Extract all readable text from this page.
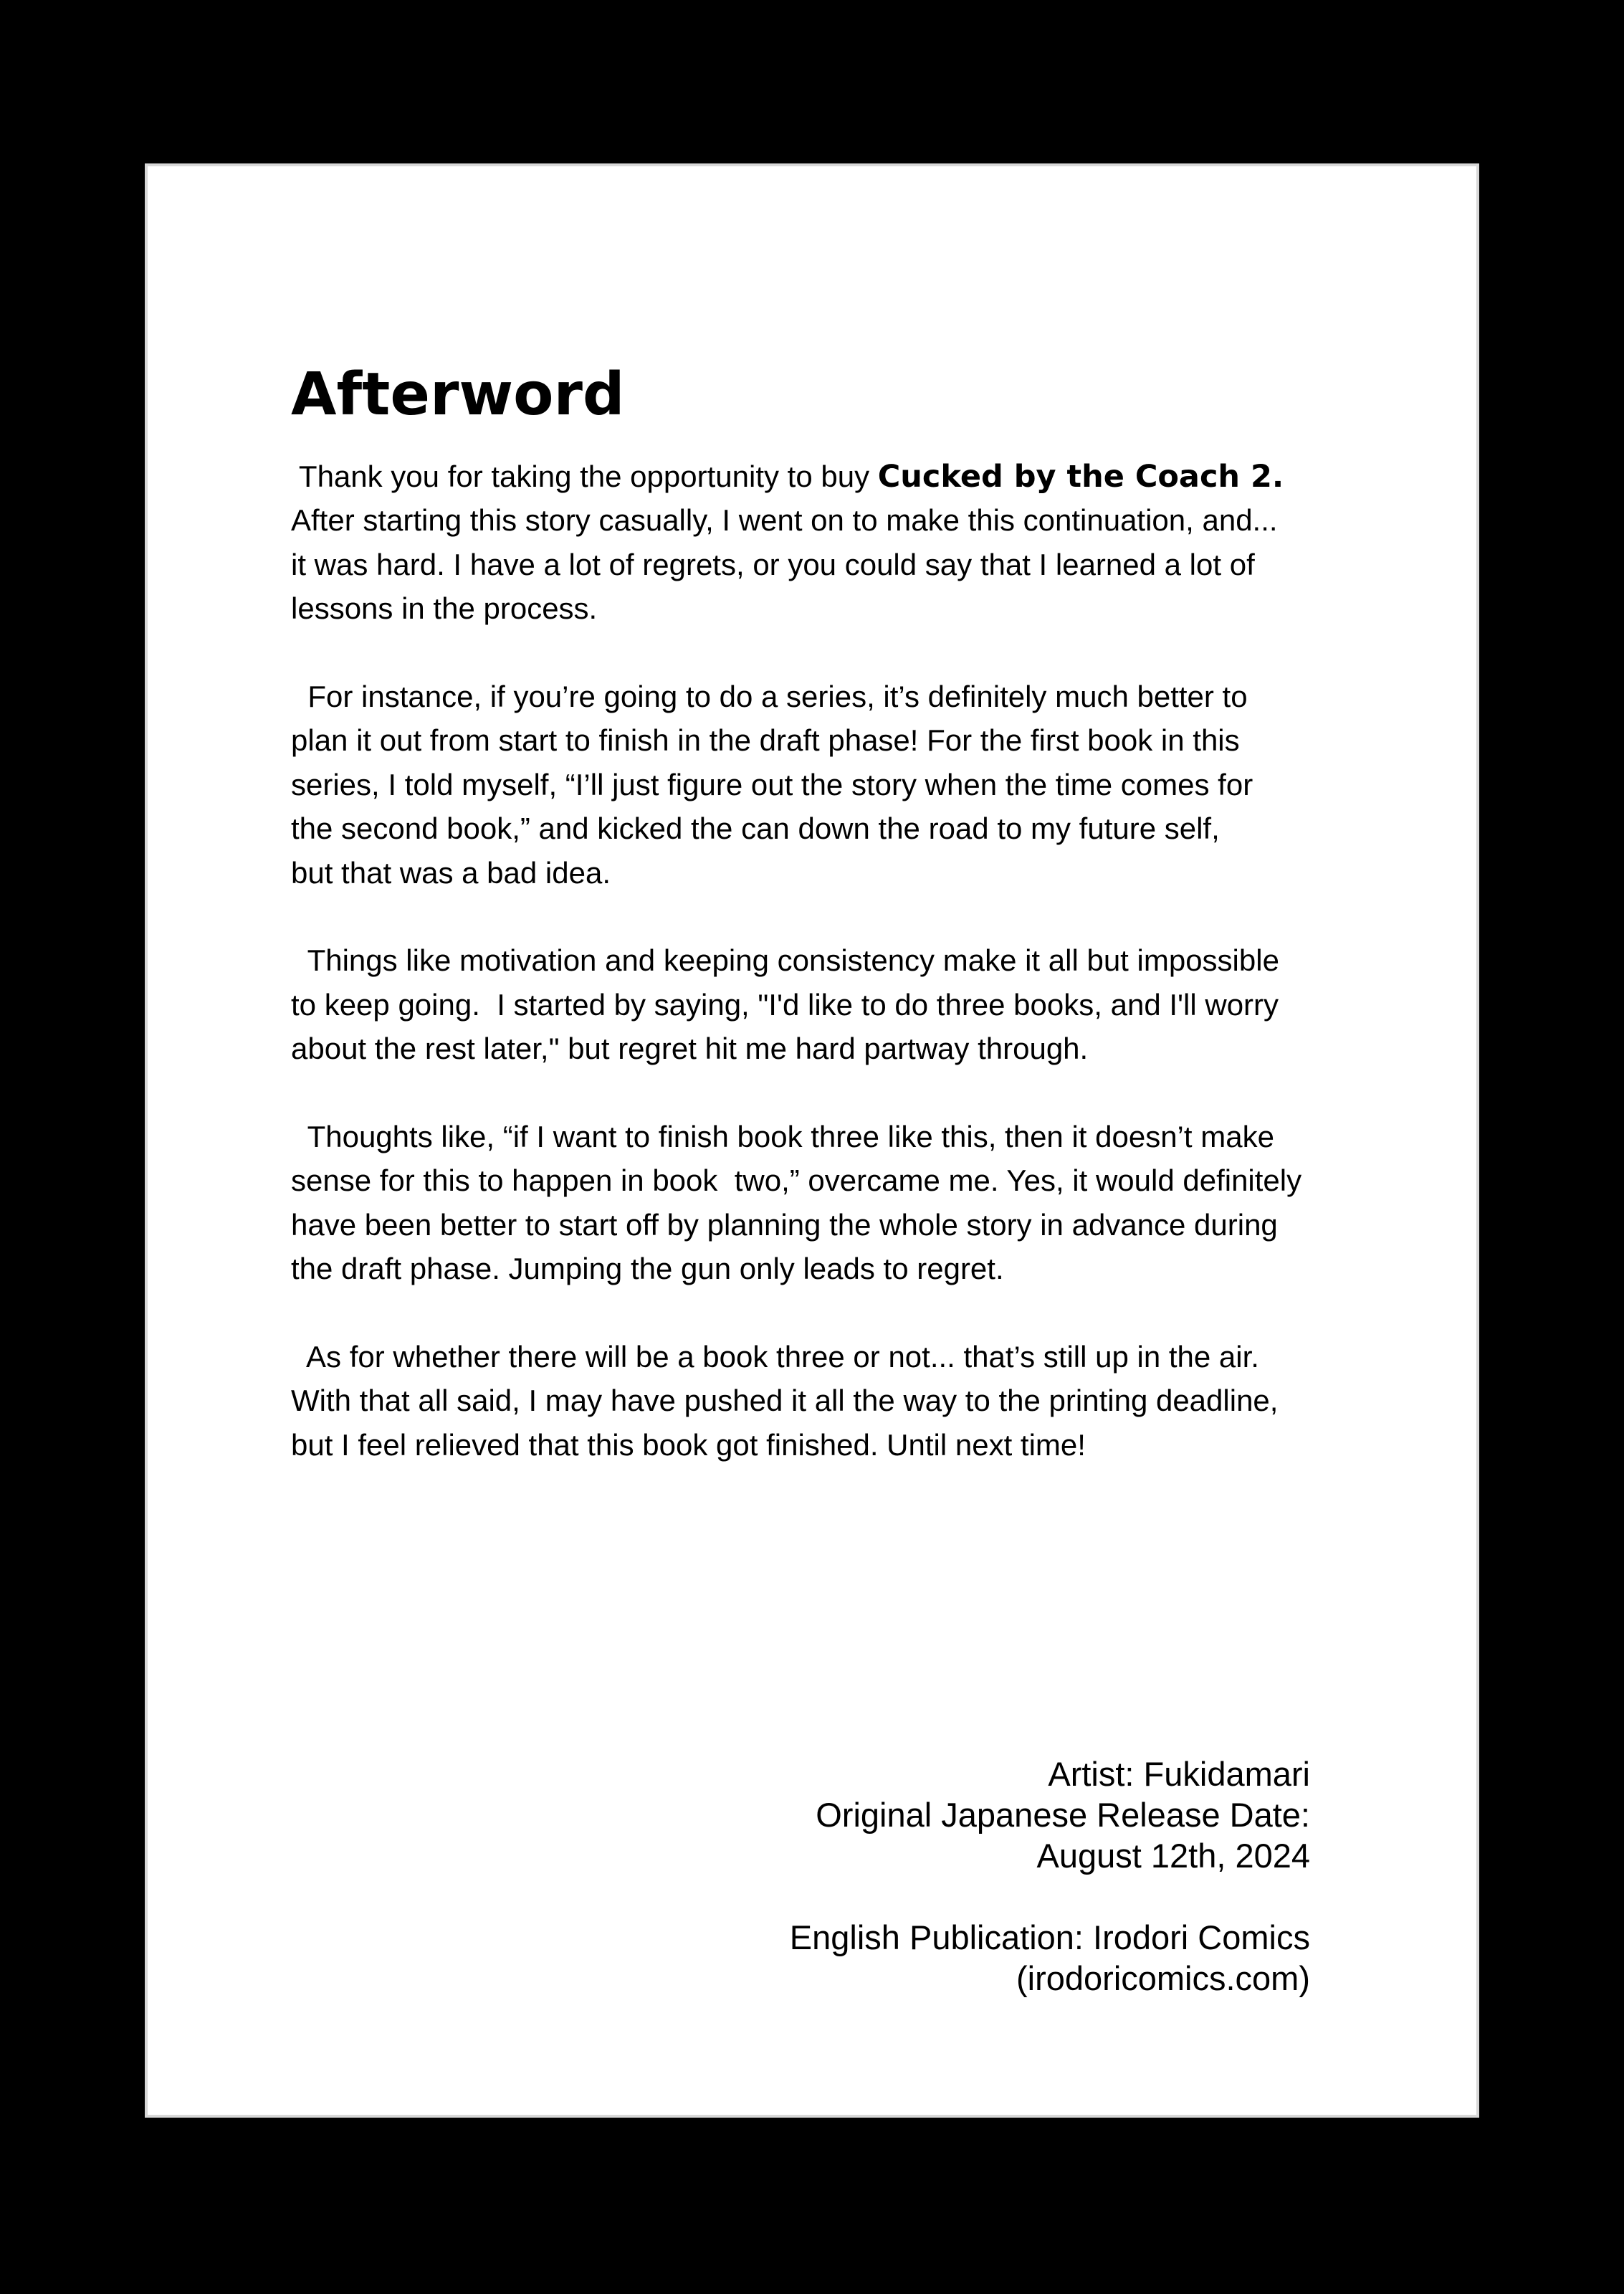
Afterword
Thank you for taking the opportunity to buy Cucked by the Coach 2.
After starting this story casually, I went on to make this continuation, and...
it was hard. I have a lot of regrets, or you could say that I learned a lot of
lessons in the process.
For instance, if you’re going to do a series, it’s definitely much better to
plan it out from start to finish in the draft phase! For the first book in this
series, I told myself, “I’ll just figure out the story when the time comes for
the second book,” and kicked the can down the road to my future self,
but that was a bad idea.
Things like motivation and keeping consistency make it all but impossible
to keep going.  I started by saying, "I'd like to do three books, and I'll worry
about the rest later," but regret hit me hard partway through.
Thoughts like, “if I want to finish book three like this, then it doesn’t make
sense for this to happen in book  two,” overcame me. Yes, it would definitely
have been better to start off by planning the whole story in advance during
the draft phase. Jumping the gun only leads to regret.
As for whether there will be a book three or not... that’s still up in the air.
With that all said, I may have pushed it all the way to the printing deadline,
but I feel relieved that this book got finished. Until next time!
Artist: Fukidamari
Original Japanese Release Date:
August 12th, 2024
English Publication: Irodori Comics
(irodoricomics.com)
